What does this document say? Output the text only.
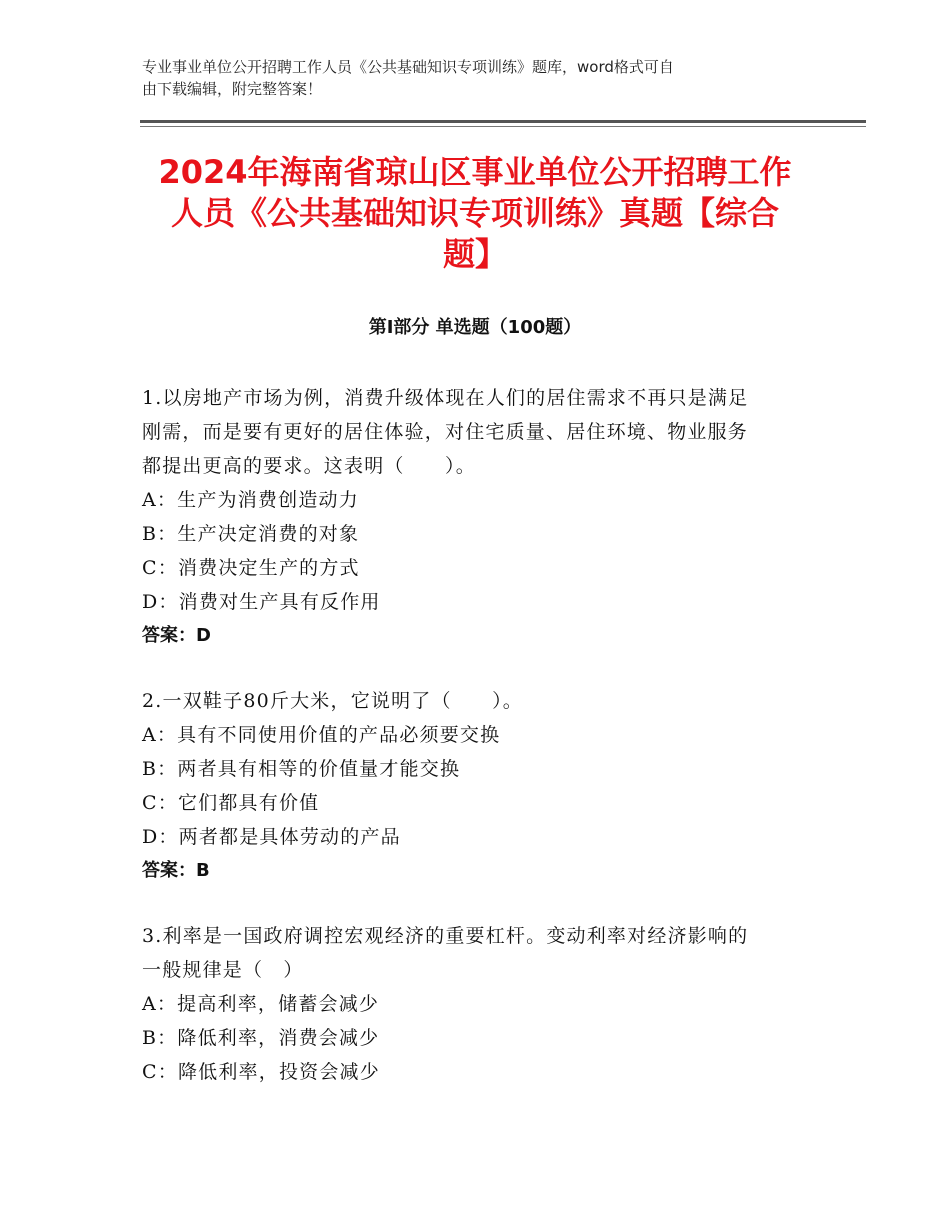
专业事业单位公开招聘工作人员《公共基础知识专项训练》题库，word格式可自
由下载编辑，附完整答案！
2024年海南省琼山区事业单位公开招聘工作
人员《公共基础知识专项训练》真题【综合
题】
第Ⅰ部分 单选题（100题）
1.以房地产市场为例，消费升级体现在人们的居住需求不再只是满足
刚需，而是要有更好的居住体验，对住宅质量、居住环境、物业服务
都提出更高的要求。这表明（　　）。
A：生产为消费创造动力
B：生产决定消费的对象
C：消费决定生产的方式
D：消费对生产具有反作用
答案：D
2.一双鞋子80斤大米，它说明了（　　）。
A：具有不同使用价值的产品必须要交换
B：两者具有相等的价值量才能交换
C：它们都具有价值
D：两者都是具体劳动的产品
答案：B
3.利率是一国政府调控宏观经济的重要杠杆。变动利率对经济影响的
一般规律是（　）
A：提高利率，储蓄会减少
B：降低利率，消费会减少
C：降低利率，投资会减少
